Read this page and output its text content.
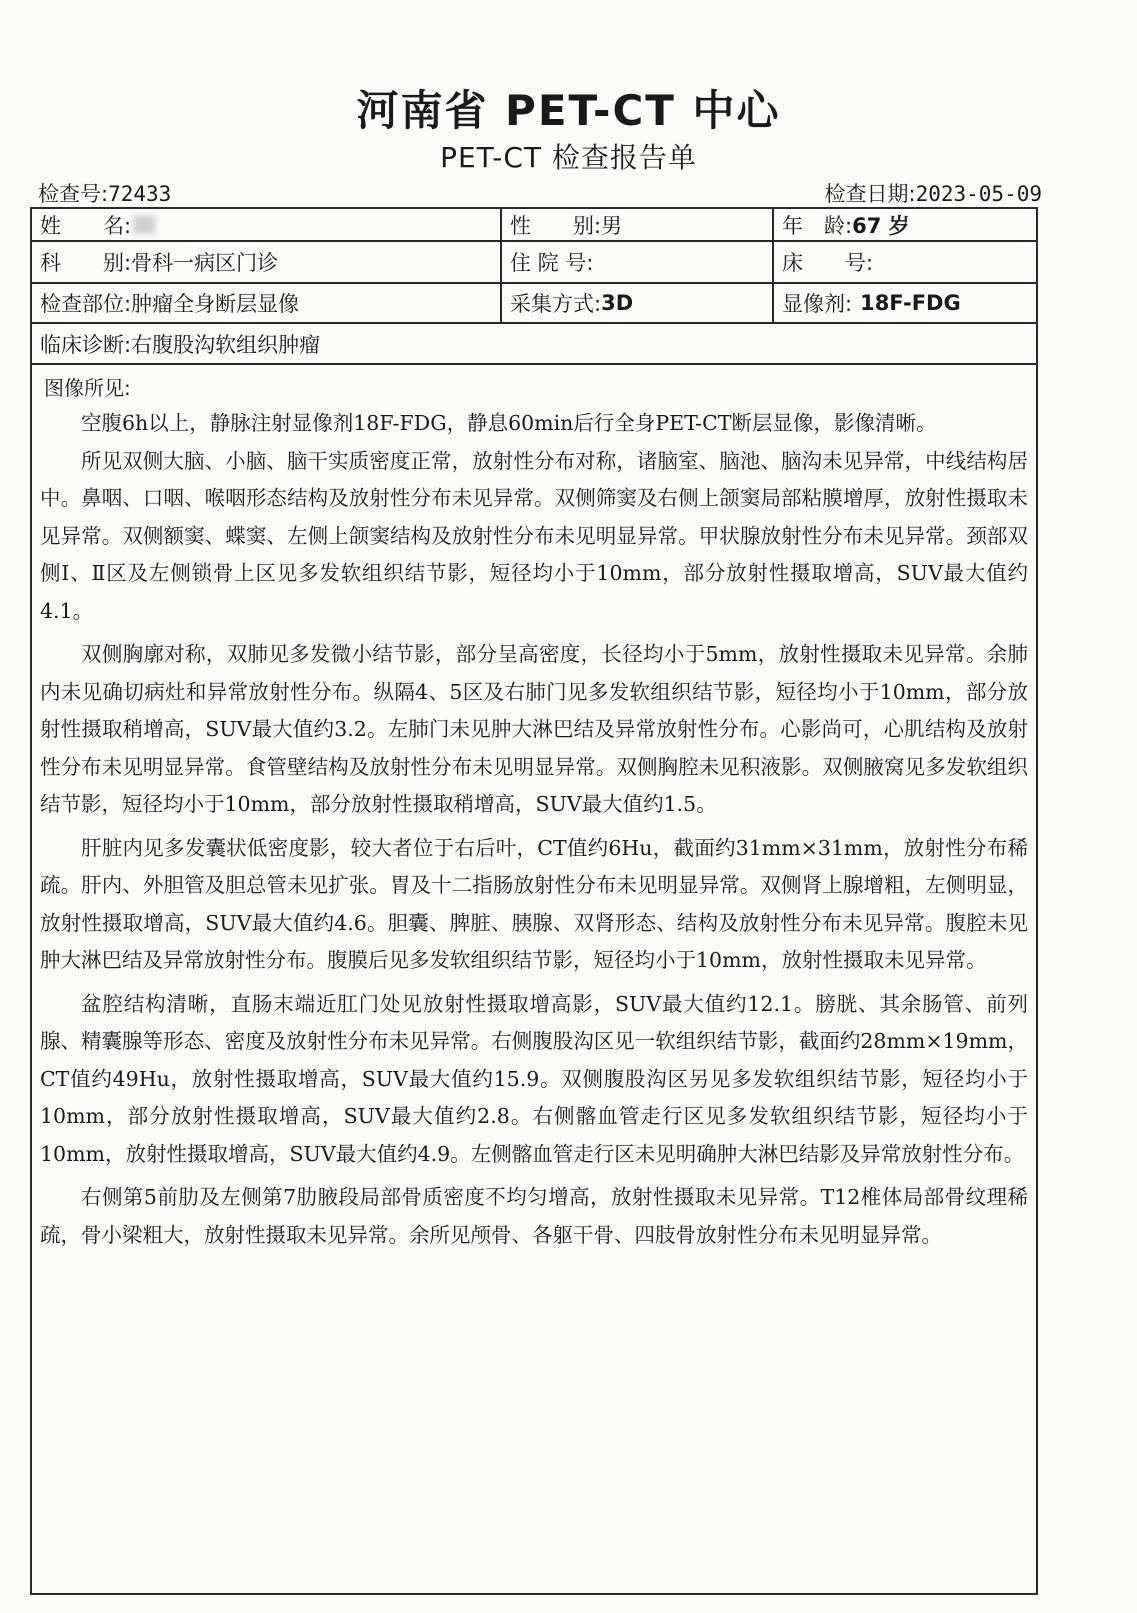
河南省 PET-CT 中心
PET-CT 检查报告单
检查号:72433	检查日期:2023-05-09
姓　　名:	性　　别: 男	年　龄: 67 岁
科　　别: 骨科一病区门诊	住 院 号:	床　　号:
检查部位: 肿瘤全身断层显像	采集方式: 3D	显像剂: 18F-FDG
临床诊断: 右腹股沟软组织肿瘤
图像所见:

空腹6h以上，静脉注射显像剂18F-FDG，静息60min后行全身PET-CT断层显像，影像清晰。

所见双侧大脑、小脑、脑干实质密度正常，放射性分布对称，诸脑室、脑池、脑沟未见异常，中线结构居中。鼻咽、口咽、喉咽形态结构及放射性分布未见异常。双侧筛窦及右侧上颌窦局部粘膜增厚，放射性摄取未见异常。双侧额窦、蝶窦、左侧上颌窦结构及放射性分布未见明显异常。甲状腺放射性分布未见异常。颈部双侧Ⅰ、Ⅱ区及左侧锁骨上区见多发软组织结节影，短径均小于10mm，部分放射性摄取增高，SUV最大值约4.1。

双侧胸廓对称，双肺见多发微小结节影，部分呈高密度，长径均小于5mm，放射性摄取未见异常。余肺内未见确切病灶和异常放射性分布。纵隔4、5区及右肺门见多发软组织结节影，短径均小于10mm，部分放射性摄取稍增高，SUV最大值约3.2。左肺门未见肿大淋巴结及异常放射性分布。心影尚可，心肌结构及放射性分布未见明显异常。食管壁结构及放射性分布未见明显异常。双侧胸腔未见积液影。双侧腋窝见多发软组织结节影，短径均小于10mm，部分放射性摄取稍增高，SUV最大值约1.5。

肝脏内见多发囊状低密度影，较大者位于右后叶，CT值约6Hu，截面约31mm×31mm，放射性分布稀疏。肝内、外胆管及胆总管未见扩张。胃及十二指肠放射性分布未见明显异常。双侧肾上腺增粗，左侧明显，放射性摄取增高，SUV最大值约4.6。胆囊、脾脏、胰腺、双肾形态、结构及放射性分布未见异常。腹腔未见肿大淋巴结及异常放射性分布。腹膜后见多发软组织结节影，短径均小于10mm，放射性摄取未见异常。

盆腔结构清晰，直肠末端近肛门处见放射性摄取增高影，SUV最大值约12.1。膀胱、其余肠管、前列腺、精囊腺等形态、密度及放射性分布未见异常。右侧腹股沟区见一软组织结节影，截面约28mm×19mm，CT值约49Hu，放射性摄取增高，SUV最大值约15.9。双侧腹股沟区另见多发软组织结节影，短径均小于10mm，部分放射性摄取增高，SUV最大值约2.8。右侧髂血管走行区见多发软组织结节影，短径均小于10mm，放射性摄取增高，SUV最大值约4.9。左侧髂血管走行区未见明确肿大淋巴结影及异常放射性分布。

右侧第5前肋及左侧第7肋腋段局部骨质密度不均匀增高，放射性摄取未见异常。T12椎体局部骨纹理稀疏，骨小梁粗大，放射性摄取未见异常。余所见颅骨、各躯干骨、四肢骨放射性分布未见明显异常。
